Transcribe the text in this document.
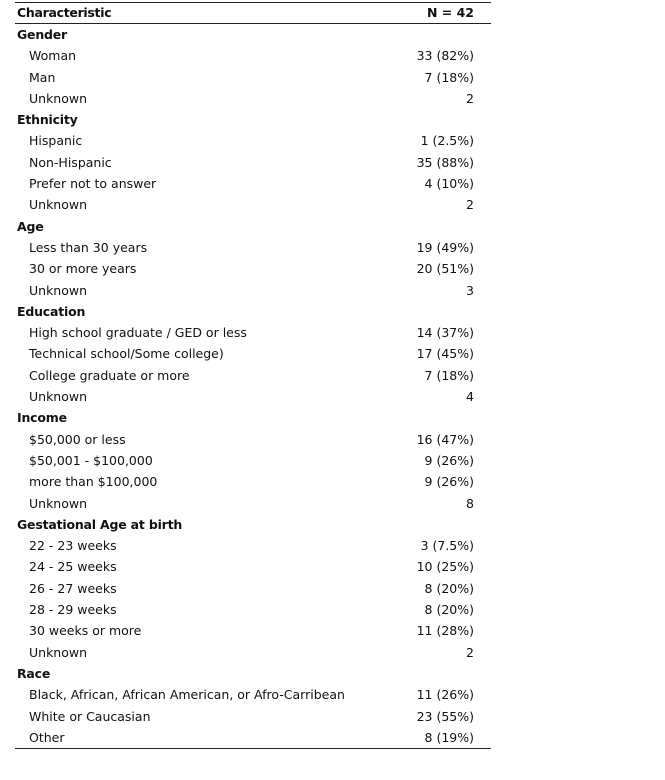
Characteristic	N = 42
Gender
Woman	33 (82%)
Man	7 (18%)
Unknown	2
Ethnicity
Hispanic	1 (2.5%)
Non-Hispanic	35 (88%)
Prefer not to answer	4 (10%)
Unknown	2
Age
Less than 30 years	19 (49%)
30 or more years	20 (51%)
Unknown	3
Education
High school graduate / GED or less	14 (37%)
Technical school/Some college)	17 (45%)
College graduate or more	7 (18%)
Unknown	4
Income
$50,000 or less	16 (47%)
$50,001 - $100,000	9 (26%)
more than $100,000	9 (26%)
Unknown	8
Gestational Age at birth
22 - 23 weeks	3 (7.5%)
24 - 25 weeks	10 (25%)
26 - 27 weeks	8 (20%)
28 - 29 weeks	8 (20%)
30 weeks or more	11 (28%)
Unknown	2
Race
Black, African, African American, or Afro-Carribean	11 (26%)
White or Caucasian	23 (55%)
Other	8 (19%)
